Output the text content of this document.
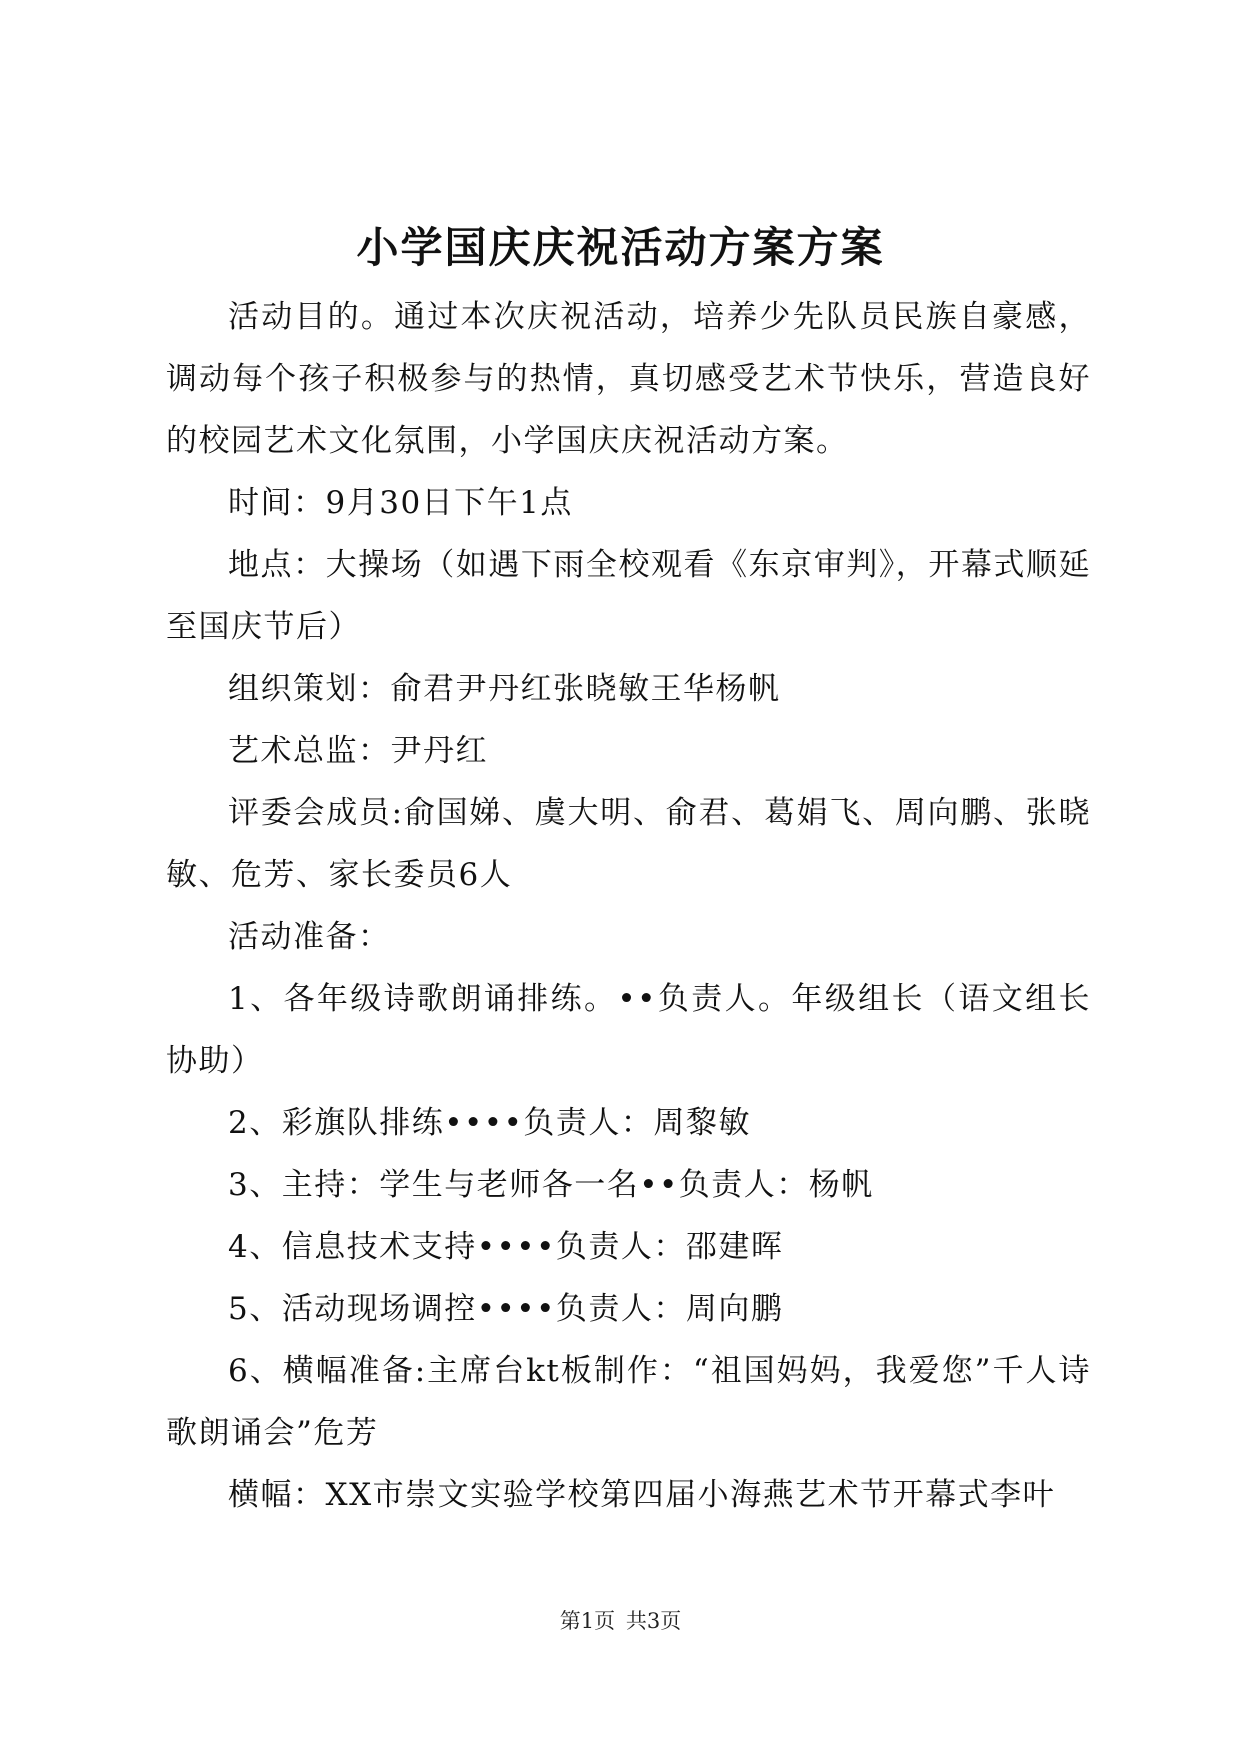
小学国庆庆祝活动方案方案

活动目的。通过本次庆祝活动，培养少先队员民族自豪感，调动每个孩子积极参与的热情，真切感受艺术节快乐，营造良好的校园艺术文化氛围，小学国庆庆祝活动方案。

时间：9月30日下午1点

地点：大操场（如遇下雨全校观看《东京审判》，开幕式顺延至国庆节后）

组织策划：俞君尹丹红张晓敏王华杨帆

艺术总监：尹丹红

评委会成员:俞国娣、虞大明、俞君、葛娟飞、周向鹏、张晓敏、危芳、家长委员6人

活动准备：

1、各年级诗歌朗诵排练。••负责人。年级组长（语文组长协助）

2、彩旗队排练••••负责人：周黎敏

3、主持：学生与老师各一名••负责人：杨帆

4、信息技术支持••••负责人：邵建晖

5、活动现场调控••••负责人：周向鹏

6、横幅准备:主席台kt板制作：“祖国妈妈，我爱您”千人诗歌朗诵会”危芳

横幅：XX市崇文实验学校第四届小海燕艺术节开幕式李叶

第1页 共3页
